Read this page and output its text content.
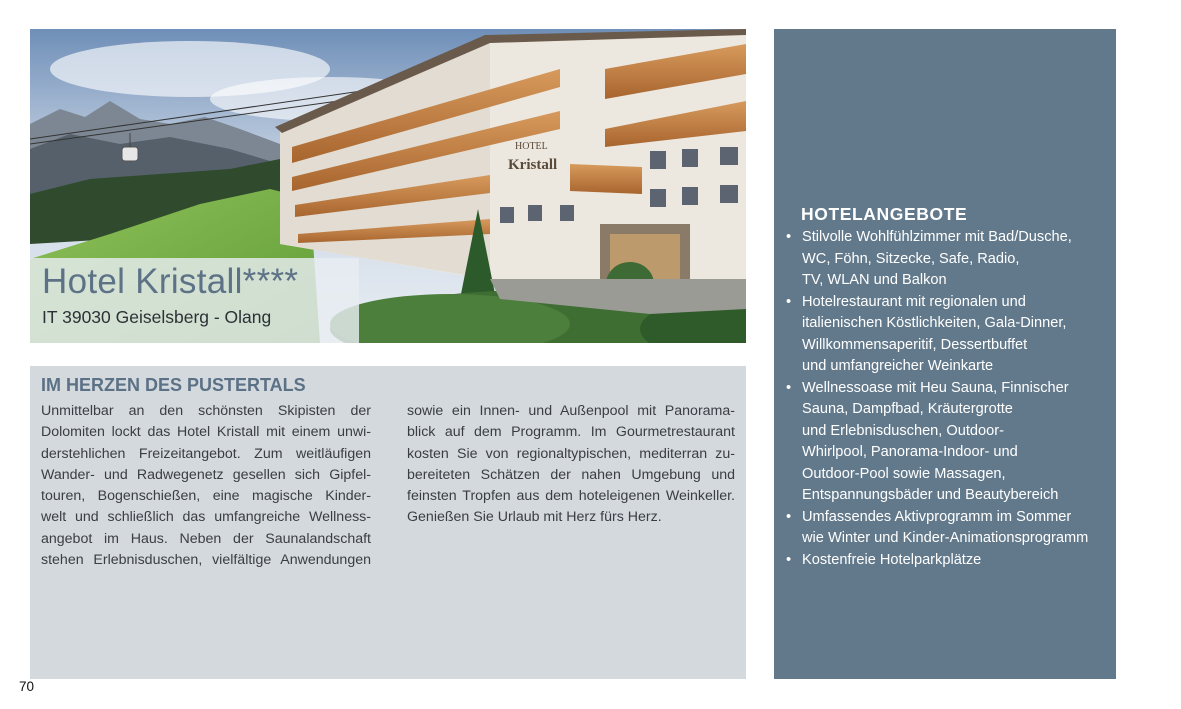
HOTEL
Kristall
Hotel Kristall****
IT 39030 Geiselsberg - Olang
IM HERZEN DES PUSTERTALS
Unmittelbar an den schönsten Skipisten der
Dolomiten lockt das Hotel Kristall mit einem unwi-
derstehlichen Freizeitangebot. Zum weitläufigen
Wander- und Radwegenetz gesellen sich Gipfel-
touren, Bogenschießen, eine magische Kinder-
welt und schließlich das umfangreiche Wellness-
angebot im Haus. Neben der Saunalandschaft
stehen Erlebnisduschen, vielfältige Anwendungen
sowie ein Innen- und Außenpool mit Panorama-
blick auf dem Programm. Im Gourmetrestaurant
kosten Sie von regionaltypischen, mediterran zu-
bereiteten Schätzen der nahen Umgebung und
feinsten Tropfen aus dem hoteleigenen Weinkeller.
Genießen Sie Urlaub mit Herz fürs Herz.
HOTELANGEBOTE
• Stilvolle Wohlfühlzimmer mit Bad/Dusche,
WC, Föhn, Sitzecke, Safe, Radio,
TV, WLAN und Balkon
• Hotelrestaurant mit regionalen und
italienischen Köstlichkeiten, Gala-Dinner,
Willkommensaperitif, Dessertbuffet
und umfangreicher Weinkarte
• Wellnessoase mit Heu Sauna, Finnischer
Sauna, Dampfbad, Kräutergrotte
und Erlebnisduschen, Outdoor-
Whirlpool, Panorama-Indoor- und
Outdoor-Pool sowie Massagen,
Entspannungsbäder und Beautybereich
• Umfassendes Aktivprogramm im Sommer
wie Winter und Kinder-Animationsprogramm
• Kostenfreie Hotelparkplätze
70
